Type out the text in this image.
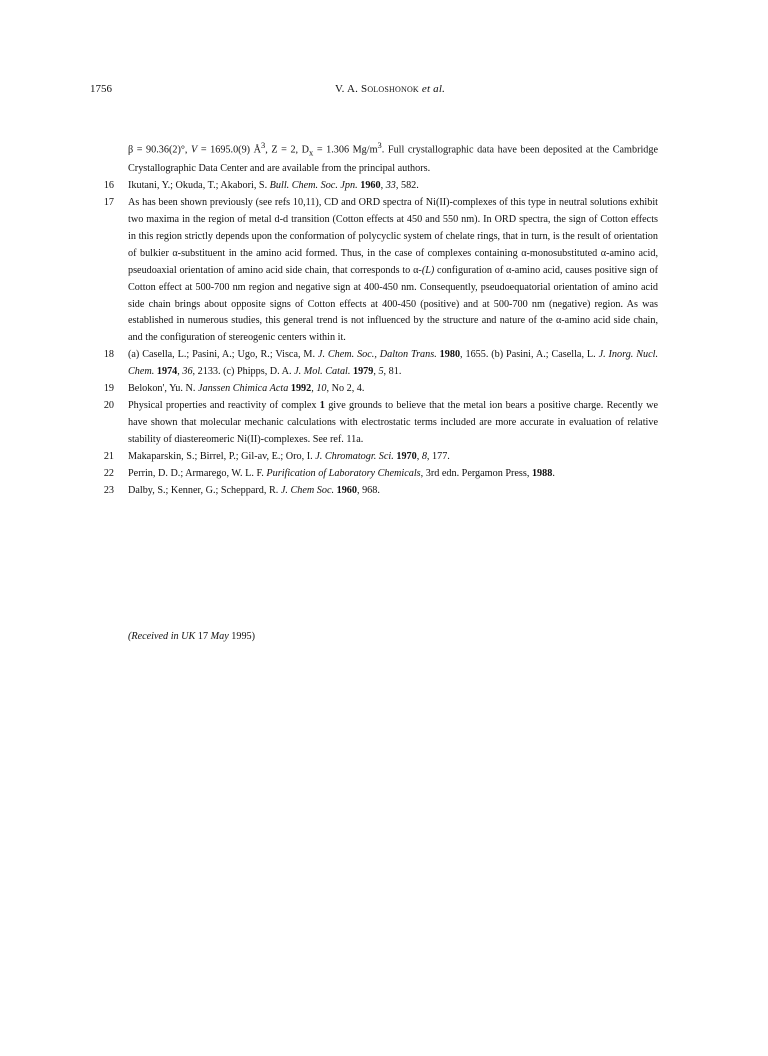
1756	V. A. Soloshonok et al.

β = 90.36(2)°, V = 1695.0(9) $Å^3$, Z = 2, $D_x = 1.306$ $Mg/m^3$. Full crystallographic data have been deposited at the Cambridge Crystallographic Data Center and are available from the principal authors.

16 Ikutani, Y.; Okuda, T.; Akabori, S. Bull. Chem. Soc. Jpn. 1960, 33, 582.

17 As has been shown previously (see refs 10,11), CD and ORD spectra of Ni(II)-complexes of this type in neutral solutions exhibit two maxima in the region of metal d-d transition (Cotton effects at 450 and 550 nm). In ORD spectra, the sign of Cotton effects in this region strictly depends upon the conformation of polycyclic system of chelate rings, that in turn, is the result of orientation of bulkier α-substituent in the amino acid formed. Thus, in the case of complexes containing α-monosubstituted α-amino acid, pseudoaxial orientation of amino acid side chain, that corresponds to α-(L) configuration of α-amino acid, causes positive sign of Cotton effect at 500-700 nm region and negative sign at 400-450 nm. Consequently, pseudoequatorial orientation of amino acid side chain brings about opposite signs of Cotton effects at 400-450 (positive) and at 500-700 nm (negative) region. As was established in numerous studies, this general trend is not influenced by the structure and nature of the α-amino acid side chain, and the configuration of stereogenic centers within it.

18 (a) Casella, L.; Pasini, A.; Ugo, R.; Visca, M. J. Chem. Soc., Dalton Trans. 1980, 1655. (b) Pasini, A.; Casella, L. J. Inorg. Nucl. Chem. 1974, 36, 2133. (c) Phipps, D. A. J. Mol. Catal. 1979, 5, 81.

19 Belokon', Yu. N. Janssen Chimica Acta 1992, 10, No 2, 4.

20 Physical properties and reactivity of complex 1 give grounds to believe that the metal ion bears a positive charge. Recently we have shown that molecular mechanic calculations with electrostatic terms included are more accurate in evaluation of relative stability of diastereomeric Ni(II)-complexes. See ref. 11a.

21 Makaparskin, S.; Birrel, P.; Gil-av, E.; Oro, I. J. Chromatogr. Sci. 1970, 8, 177.

22 Perrin, D. D.; Armarego, W. L. F. Purification of Laboratory Chemicals, 3rd edn. Pergamon Press, 1988.

23 Dalby, S.; Kenner, G.; Scheppard, R. J. Chem Soc. 1960, 968.

(Received in UK 17 May 1995)
